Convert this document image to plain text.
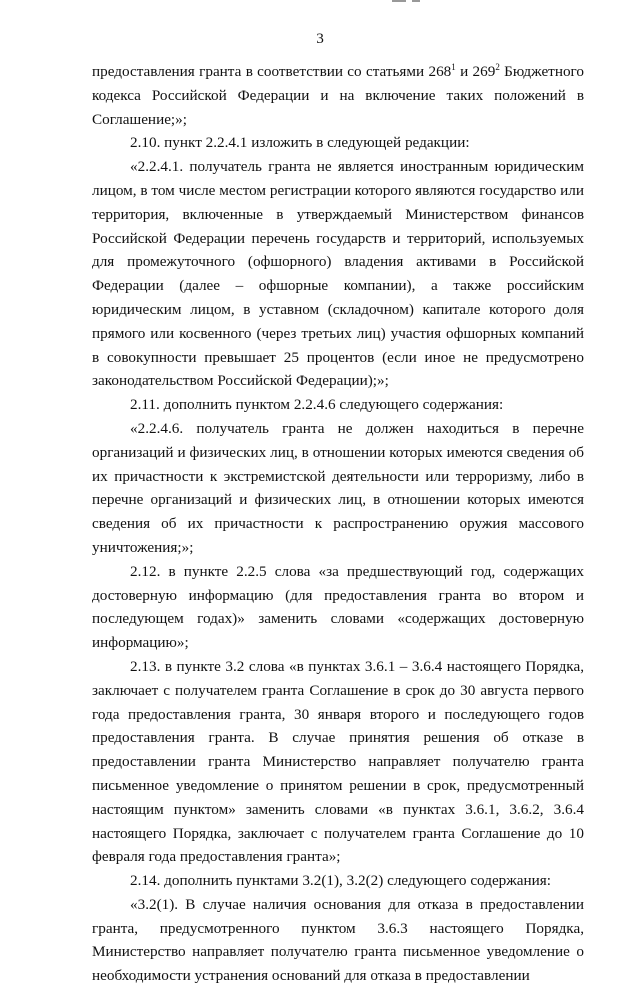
3

предоставления гранта в соответствии со статьями $268^1$ и $269^2$ Бюджетного кодекса Российской Федерации и на включение таких положений в Соглашение;»;

2.10. пункт 2.2.4.1 изложить в следующей редакции:

«2.2.4.1. получатель гранта не является иностранным юридическим лицом, в том числе местом регистрации которого являются государство или территория, включенные в утверждаемый Министерством финансов Российской Федерации перечень государств и территорий, используемых для промежуточного (офшорного) владения активами в Российской Федерации (далее – офшорные компании), а также российским юридическим лицом, в уставном (складочном) капитале которого доля прямого или косвенного (через третьих лиц) участия офшорных компаний в совокупности превышает 25 процентов (если иное не предусмотрено законодательством Российской Федерации);»;

2.11. дополнить пунктом 2.2.4.6 следующего содержания:

«2.2.4.6. получатель гранта не должен находиться в перечне организаций и физических лиц, в отношении которых имеются сведения об их причастности к экстремистской деятельности или терроризму, либо в перечне организаций и физических лиц, в отношении которых имеются сведения об их причастности к распространению оружия массового уничтожения;»;

2.12. в пункте 2.2.5 слова «за предшествующий год, содержащих достоверную информацию (для предоставления гранта во втором и последующем годах)» заменить словами «содержащих достоверную информацию»;

2.13. в пункте 3.2 слова «в пунктах 3.6.1 – 3.6.4 настоящего Порядка, заключает с получателем гранта Соглашение в срок до 30 августа первого года предоставления гранта, 30 января второго и последующего годов предоставления гранта. В случае принятия решения об отказе в предоставлении гранта Министерство направляет получателю гранта письменное уведомление о принятом решении в срок, предусмотренный настоящим пунктом» заменить словами «в пунктах 3.6.1, 3.6.2, 3.6.4 настоящего Порядка, заключает с получателем гранта Соглашение до 10 февраля года предоставления гранта»;

2.14. дополнить пунктами 3.2(1), 3.2(2) следующего содержания:

«3.2(1). В случае наличия основания для отказа в предоставлении гранта, предусмотренного пунктом 3.6.3 настоящего Порядка, Министерство направляет получателю гранта письменное уведомление о необходимости устранения оснований для отказа в предоставлении
